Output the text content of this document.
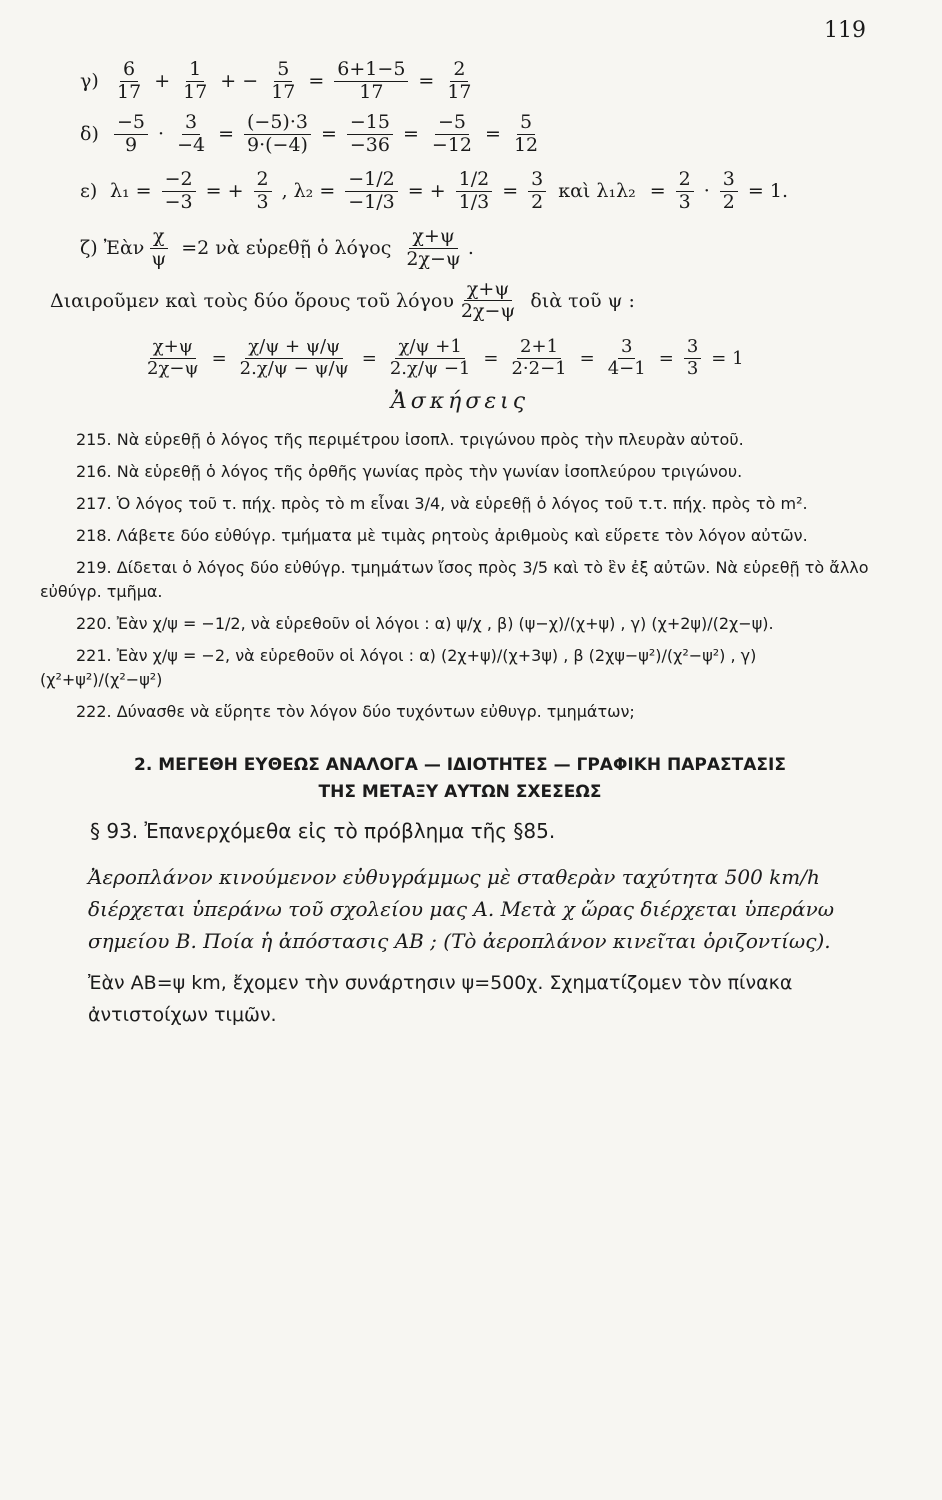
119
$\gamma) \frac{6}{17} + \frac{1}{17}$ + − $\frac{5}{17} = \frac{6+1-5}{17} = \frac{2}{17}$
$\delta) \frac{-5}{9} \cdot \frac{3}{-4} = \frac{(-5)\cdot 3}{9\cdot(-4)} = \frac{-15}{-36} = \frac{-5}{-12} = \frac{5}{12}$
ε) $\lambda_1 = \frac{-2}{-3}$ = + $\frac{2}{3}$ , $\lambda_2 = \frac{-1/2}{-1/3}$ = + $\frac{1/2}{1/3} = \frac{3}{2}$ καὶ $\lambda_1\lambda_2 = \frac{2}{3} \cdot \frac{3}{2} = 1$.
ζ) Ἐὰν $\frac{\chi}{\psi} =2$ νὰ εὑρεθῇ ὁ λόγος $\frac{\chi+\psi}{2\chi-\psi}$ .
Διαιροῦμεν καὶ τοὺς δύο ὅρους τοῦ λόγου $\frac{\chi+\psi}{2\chi-\psi}$ διὰ τοῦ ψ :
$\frac{\chi+\psi}{2\chi-\psi} = \frac{\chi/\psi + \psi/\psi}{2.\chi/\psi - \psi/\psi} = \frac{\chi/\psi +1}{2.\chi/\psi -1} = \frac{2+1}{2\cdot 2-1} = \frac{3}{4-1} = \frac{3}{3} = 1$
Ἀσκήσεις
215. Νὰ εὑρεθῇ ὁ λόγος τῆς περιμέτρου ἰσοπλ. τριγώνου πρὸς τὴν πλευρὰν αὐτοῦ.
216. Νὰ εὑρεθῇ ὁ λόγος τῆς ὀρθῆς γωνίας πρὸς τὴν γωνίαν ἰσοπλεύρου τριγώνου.
217. Ὁ λόγος τοῦ τ. πήχ. πρὸς τὸ m εἶναι 3/4, νὰ εὑρεθῇ ὁ λόγος τοῦ τ.τ. πήχ. πρὸς τὸ m².
218. Λάβετε δύο εὐθύγρ. τμήματα μὲ τιμὰς ρητοὺς ἀριθμοὺς καὶ εὕρετε τὸν λόγον αὐτῶν.
219. Δίδεται ὁ λόγος δύο εὐθύγρ. τμημάτων ἴσος πρὸς 3/5 καὶ τὸ ἓν ἐξ αὐτῶν. Νὰ εὑρεθῇ τὸ ἄλλο εὐθύγρ. τμῆμα.
220. Ἐὰν χ/ψ = −1/2, νὰ εὑρεθοῦν οἱ λόγοι : α) ψ/χ , β) (ψ−χ)/(χ+ψ) , γ) (χ+2ψ)/(2χ−ψ).
221. Ἐὰν χ/ψ = −2, νὰ εὑρεθοῦν οἱ λόγοι : α) (2χ+ψ)/(χ+3ψ) , β (2χψ−ψ²)/(χ²−ψ²) , γ) (χ²+ψ²)/(χ²−ψ²)
222. Δύνασθε νὰ εὕρητε τὸν λόγον δύο τυχόντων εὐθυγρ. τμημάτων;
2. ΜΕΓΕΘΗ ΕΥΘΕΩΣ ΑΝΑΛΟΓΑ — ΙΔΙΟΤΗΤΕΣ — ΓΡΑΦΙΚΗ ΠΑΡΑΣΤΑΣΙΣ
ΤΗΣ ΜΕΤΑΞΥ ΑΥΤΩΝ ΣΧΕΣΕΩΣ
§ 93. Ἐπανερχόμεθα εἰς τὸ πρόβλημα τῆς §85.
Ἀεροπλάνον κινούμενον εὐθυγράμμως μὲ σταθερὰν ταχύτητα 500 km/h διέρχεται ὑπεράνω τοῦ σχολείου μας Α. Μετὰ χ ὥρας διέρχεται ὑπεράνω σημείου Β. Ποία ἡ ἀπόστασις ΑΒ ; (Τὸ ἀεροπλάνον κινεῖται ὁριζοντίως).
Ἐὰν ΑΒ=ψ km, ἔχομεν τὴν συνάρτησιν ψ=500χ. Σχηματίζομεν τὸν πίνακα ἀντιστοίχων τιμῶν.
